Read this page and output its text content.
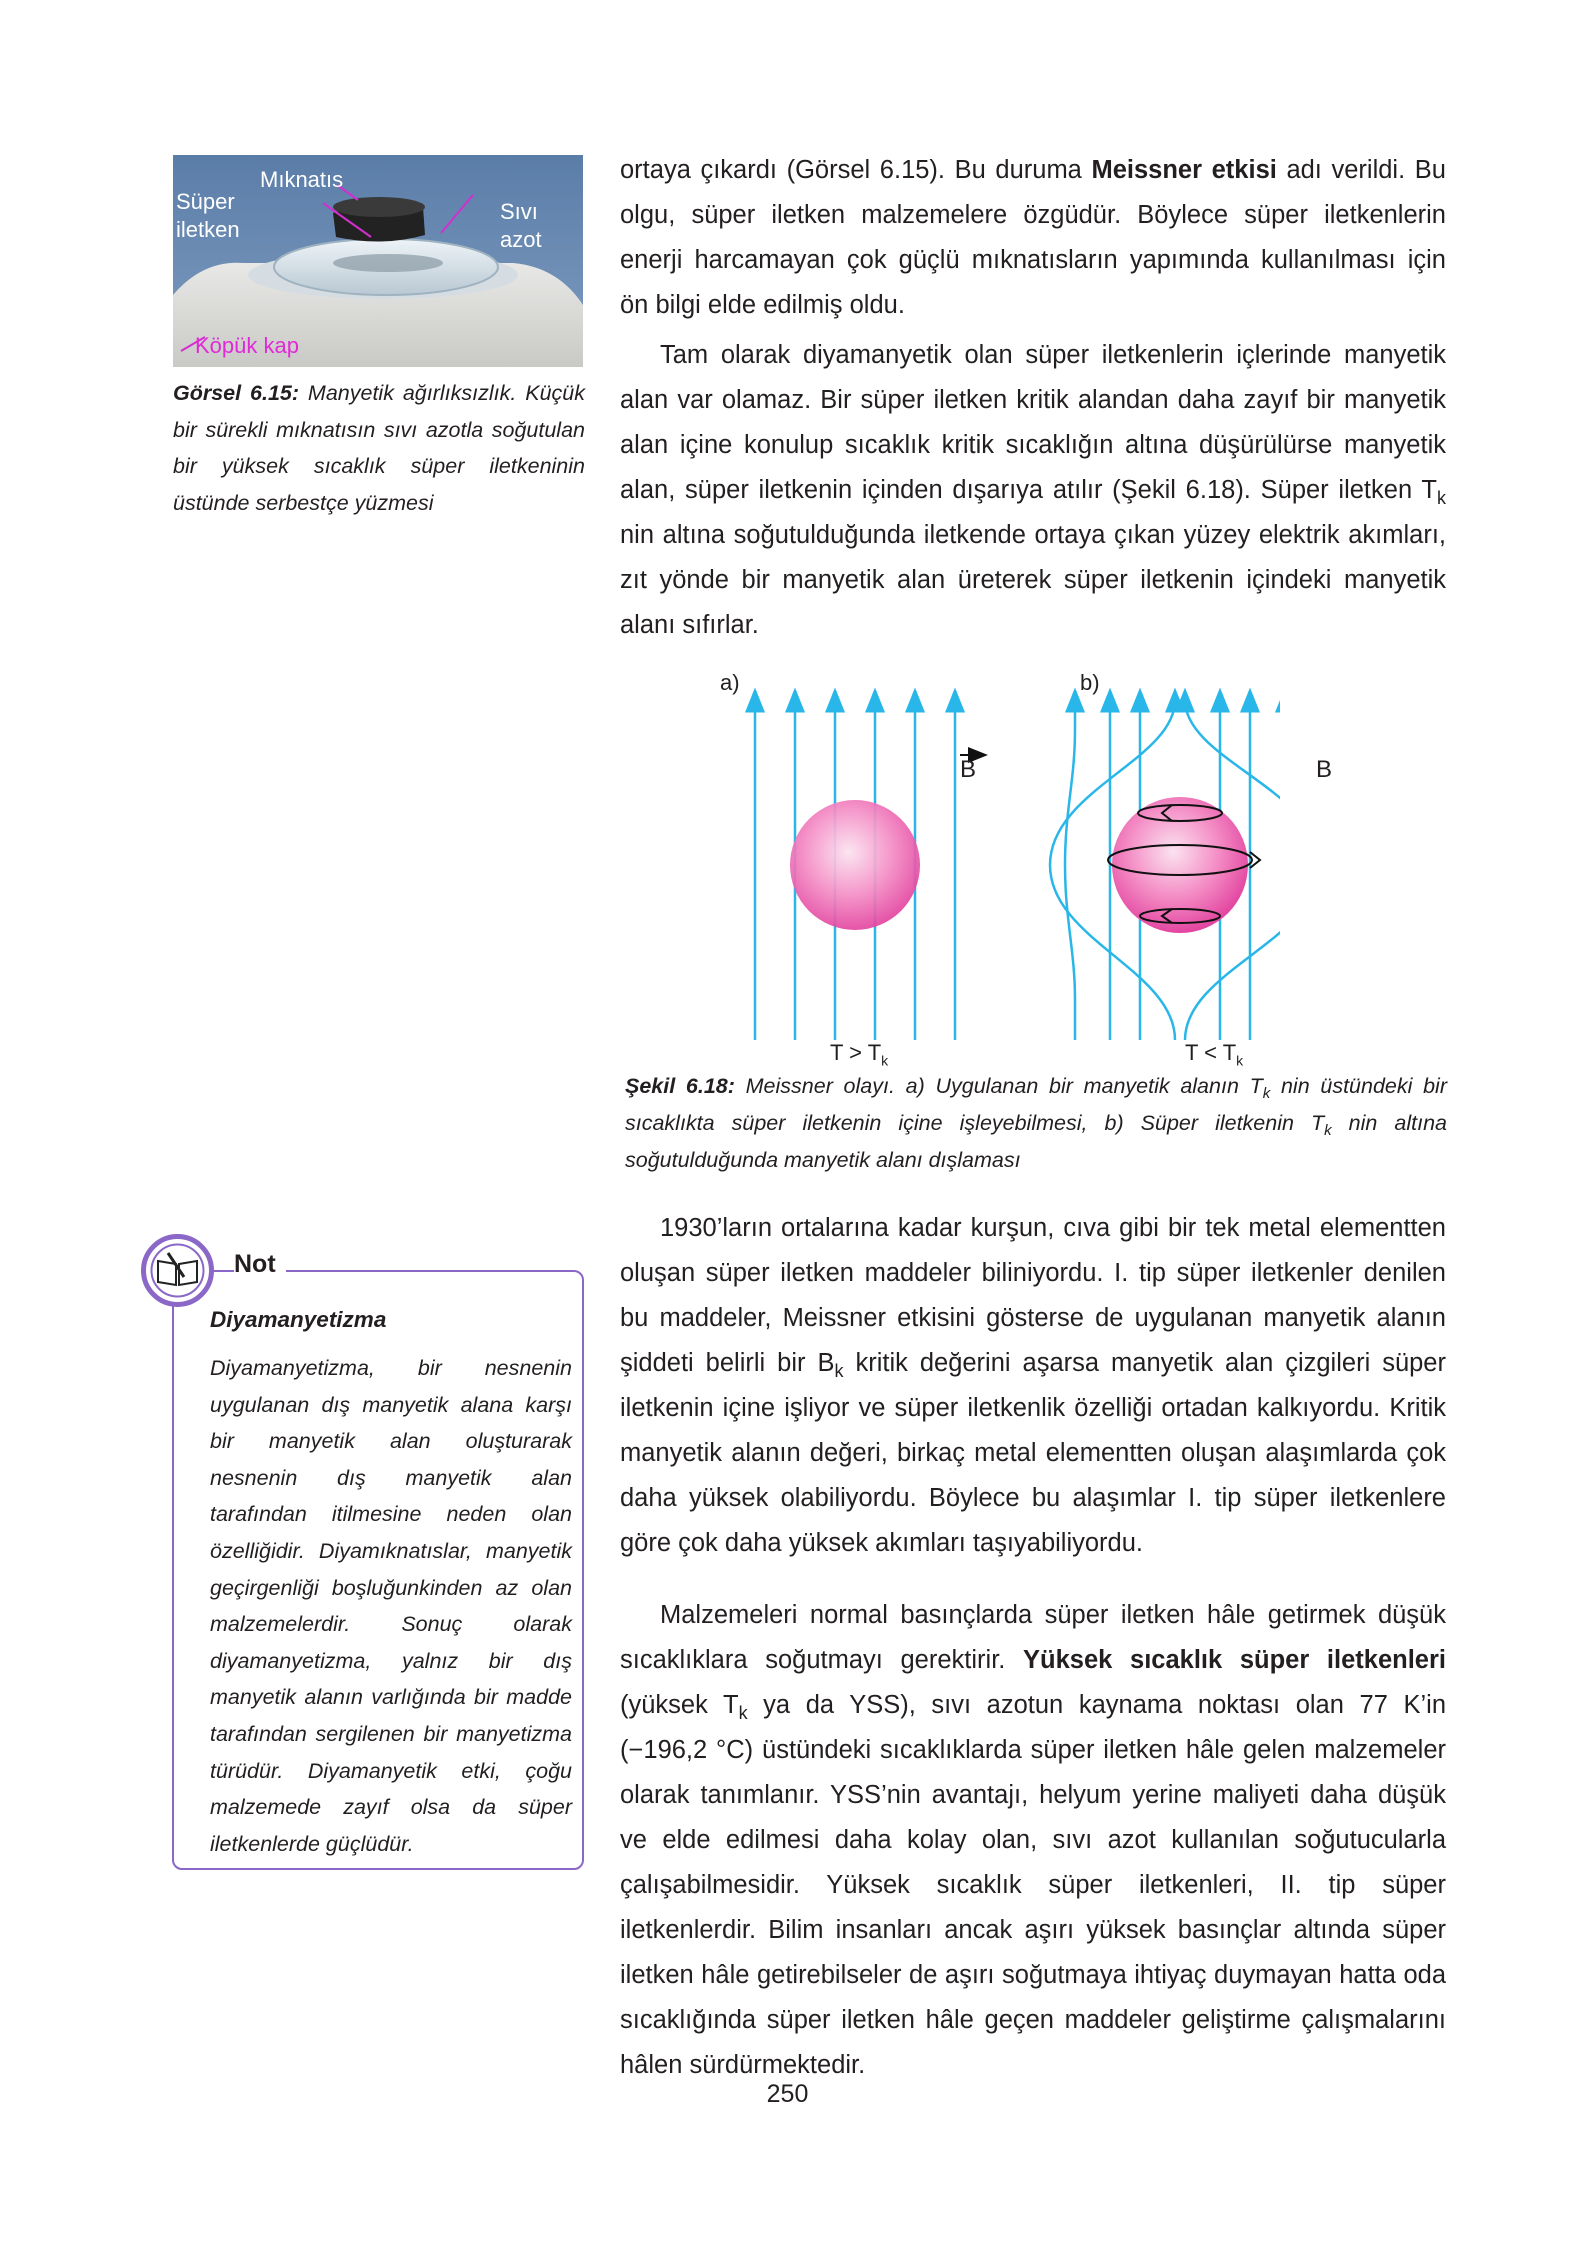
Mıknatıs
Süper
iletken
Sıvı
azot
Köpük kap
Görsel 6.15: Manyetik ağırlıksızlık. Küçük bir sürekli mıknatısın sıvı azotla soğutulan bir yüksek sıcaklık süper iletkeninin üstünde serbestçe yüzmesi

ortaya çıkardı (Görsel 6.15). Bu duruma Meissner etkisi adı verildi. Bu olgu, süper iletken malzemelere özgüdür. Böylece süper iletkenlerin enerji harcamayan çok güçlü mıknatısların yapımında kullanılması için ön bilgi elde edilmiş oldu.

Tam olarak diyamanyetik olan süper iletkenlerin içlerinde manyetik alan var olamaz. Bir süper iletken kritik alandan daha zayıf bir manyetik alan içine konulup sıcaklık kritik sıcaklığın altına düşürülürse manyetik alan, süper iletkenin içinden dışarıya atılır (Şekil 6.18). Süper iletken $T_k$ nin altına soğutulduğunda iletkende ortaya çıkan yüzey elektrik akımları, zıt yönde bir manyetik alan üreterek süper iletkenin içindeki manyetik alanı sıfırlar.

a)	b)
B	B
$T > T_k$	$T < T_k$
Şekil 6.18: Meissner olayı. a) Uygulanan bir manyetik alanın $T_k$ nin üstündeki bir sıcaklıkta süper iletkenin içine işleyebilmesi, b) Süper iletkenin $T_k$ nin altına soğutulduğunda manyetik alanı dışlaması

1930’ların ortalarına kadar kurşun, cıva gibi bir tek metal elementten oluşan süper iletken maddeler biliniyordu. I. tip süper iletkenler denilen bu maddeler, Meissner etkisini gösterse de uygulanan manyetik alanın şiddeti belirli bir $B_k$ kritik değerini aşarsa manyetik alan çizgileri süper iletkenin içine işliyor ve süper iletkenlik özelliği ortadan kalkıyordu. Kritik manyetik alanın değeri, birkaç metal elementten oluşan alaşımlarda çok daha yüksek olabiliyordu. Böylece bu alaşımlar I. tip süper iletkenlere göre çok daha yüksek akımları taşıyabiliyordu.

Malzemeleri normal basınçlarda süper iletken hâle getirmek düşük sıcaklıklara soğutmayı gerektirir. Yüksek sıcaklık süper iletkenleri (yüksek $T_k$ ya da YSS), sıvı azotun kaynama noktası olan 77 K’in (−196,2 °C) üstündeki sıcaklıklarda süper iletken hâle gelen malzemeler olarak tanımlanır. YSS’nin avantajı, helyum yerine maliyeti daha düşük ve elde edilmesi daha kolay olan, sıvı azot kullanılan soğutucularla çalışabilmesidir. Yüksek sıcaklık süper iletkenleri, II. tip süper iletkenlerdir. Bilim insanları ancak aşırı yüksek basınçlar altında süper iletken hâle getirebilseler de aşırı soğutmaya ihtiyaç duymayan hatta oda sıcaklığında süper iletken hâle geçen maddeler geliştirme çalışmalarını hâlen sürdürmektedir.

Not
Diyamanyetizma
Diyamanyetizma, bir nesnenin uygulanan dış manyetik alana karşı bir manyetik alan oluşturarak nesnenin dış manyetik alan tarafından itilmesine neden olan özelliğidir. Diyamıknatıslar, manyetik geçirgenliği boşluğunkinden az olan malzemelerdir. Sonuç olarak diyamanyetizma, yalnız bir dış manyetik alanın varlığında bir madde tarafından sergilenen bir manyetizma türüdür. Diyamanyetik etki, çoğu malzemede zayıf olsa da süper iletkenlerde güçlüdür.
250
